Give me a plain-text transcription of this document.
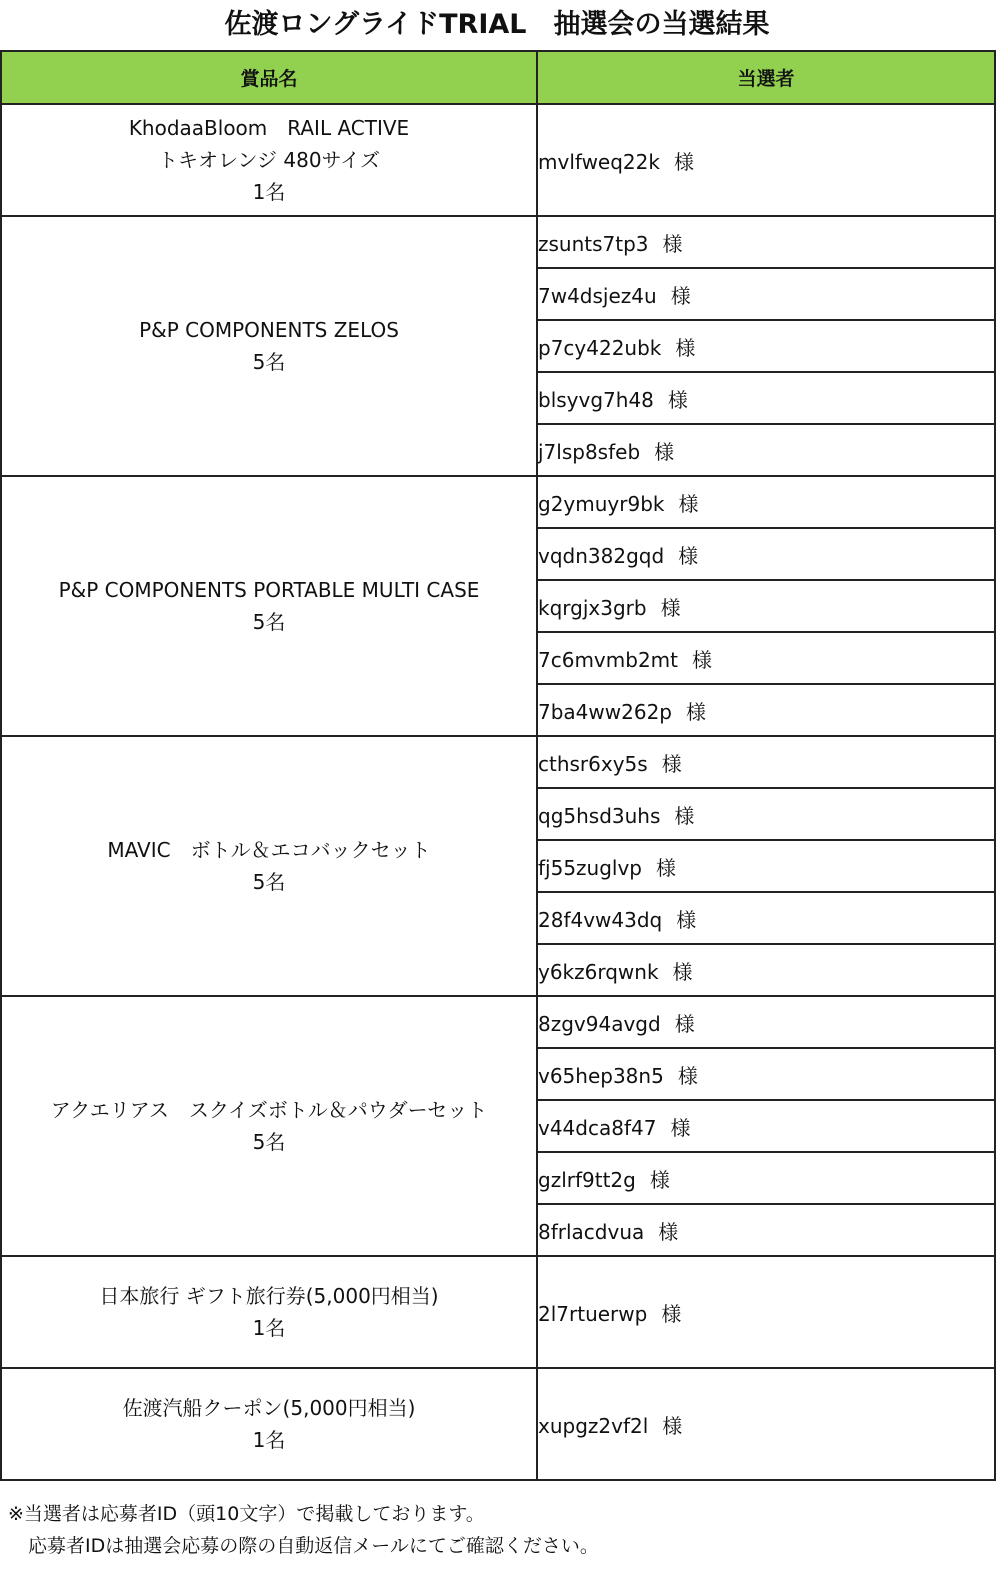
佐渡ロングライドTRIAL　抽選会の当選結果
賞品名	当選者

KhodaaBloom　RAIL ACTIVE
トキオレンジ 480サイズ
1名	mvlfweq22k 様

P&P COMPONENTS ZELOS
5名	zsunts7tp3 様
	7w4dsjez4u 様
	p7cy422ubk 様
	blsyvg7h48 様
	j7lsp8sfeb 様

P&P COMPONENTS PORTABLE MULTI CASE
5名	g2ymuyr9bk 様
	vqdn382gqd 様
	kqrgjx3grb 様
	7c6mvmb2mt 様
	7ba4ww262p 様

MAVIC　ボトル＆エコバックセット
5名	cthsr6xy5s 様
	qg5hsd3uhs 様
	fj55zuglvp 様
	28f4vw43dq 様
	y6kz6rqwnk 様

アクエリアス　スクイズボトル＆パウダーセット
5名	8zgv94avgd 様
	v65hep38n5 様
	v44dca8f47 様
	gzlrf9tt2g 様
	8frlacdvua 様

日本旅行 ギフト旅行券(5,000円相当)
1名	2l7rtuerwp 様

佐渡汽船クーポン(5,000円相当)
1名	xupgz2vf2l 様
※当選者は応募者ID（頭10文字）で掲載しております。
応募者IDは抽選会応募の際の自動返信メールにてご確認ください。
